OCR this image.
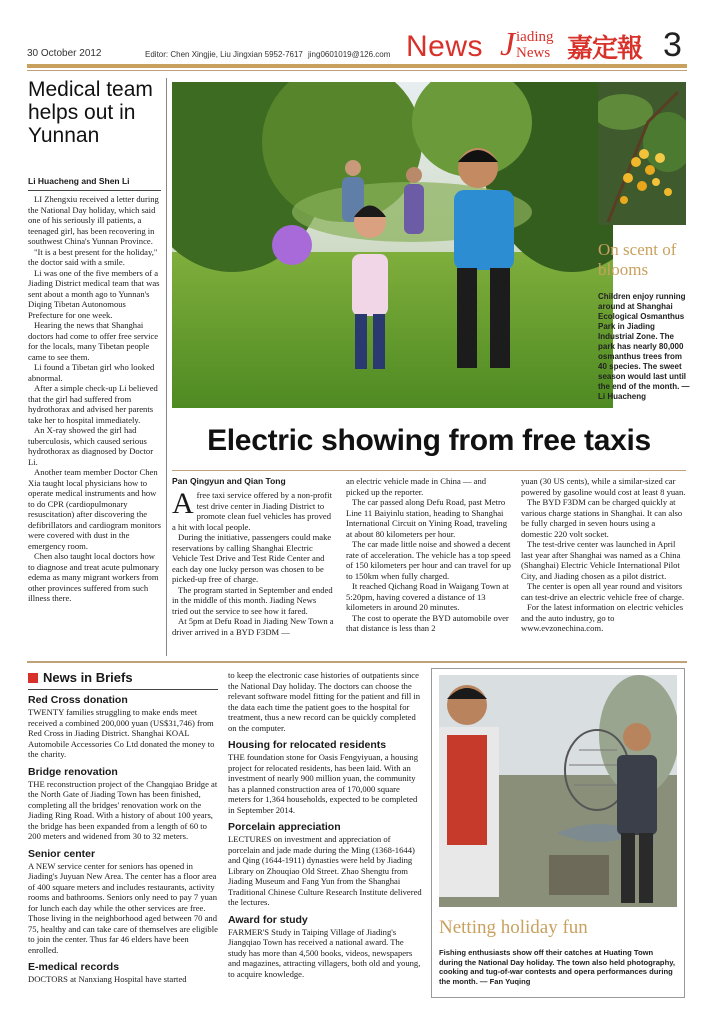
30 October 2012	Editor: Chen Xingjie, Liu Jingxian 5952-7617 jing0601019@126.com News J iading
News 嘉定報 3
Medical team helps out in Yunnan
Li Huacheng and Shen Li

LI Zhengxiu received a letter during the National Day holiday, which said one of his seriously ill patients, a teenaged girl, has been recovering in southwest China's Yunnan Province.

"It is a best present for the holiday," the doctor said with a smile.

Li was one of the five members of a Jiading District medical team that was sent about a month ago to Yunnan's Diqing Tibetan Autonomous Prefecture for one week.

Hearing the news that Shanghai doctors had come to offer free service for the locals, many Tibetan people came to see them.

Li found a Tibetan girl who looked abnormal.

After a simple check-up Li believed that the girl had suffered from hydrothorax and advised her parents take her to hospital immediately.

An X-ray showed the girl had tuberculosis, which caused serious hydrothorax as diagnosed by Doctor Li.

Another team member Doctor Chen Xia taught local physicians how to operate medical instruments and how to do CPR (cardiopulmonary resuscitation) after discovering the defibrillators and cardiogram monitors were covered with dust in the emergency room.

Chen also taught local doctors how to diagnose and treat acute pulmonary edema as many migrant workers from other provinces suffered from such illness there.

On scent of blooms
Children enjoy running around at Shanghai Ecological Osmanthus Park in Jiading Industrial Zone. The park has nearly 80,000 osmanthus trees from 40 species. The sweet season would last until the end of the month. — Li Huacheng
Electric showing from free taxis
Pan Qingyun and Qian Tong
A free taxi service offered by a non-profit test drive center in Jiading District to promote clean fuel vehicles has proved a hit with local people.

During the initiative, passengers could make reservations by calling Shanghai Electric Vehicle Test Drive and Test Ride Center and each day one lucky person was chosen to be picked-up free of charge.

The program started in September and ended in the middle of this month. Jiading News tried out the service to see how it fared.

At 5pm at Defu Road in Jiading New Town a driver arrived in a BYD F3DM —

an electric vehicle made in China — and picked up the reporter.

The car passed along Defu Road, past Metro Line 11 Baiyinlu station, heading to Shanghai International Circuit on Yining Road, traveling at about 80 kilometers per hour.

The car made little noise and showed a decent rate of acceleration. The vehicle has a top speed of 150 kilometers per hour and can travel for up to 150km when fully charged.

It reached Qichang Road in Waigang Town at 5:20pm, having covered a distance of 13 kilometers in around 20 minutes.

The cost to operate the BYD automobile over that distance is less than 2

yuan (30 US cents), while a similar-sized car powered by gasoline would cost at least 8 yuan.

The BYD F3DM can be charged quickly at various charge stations in Shanghai. It can also be fully charged in seven hours using a domestic 220 volt socket.

The test-drive center was launched in April last year after Shanghai was named as a China (Shanghai) Electric Vehicle International Pilot City, and Jiading chosen as a pilot district.

The center is open all year round and visitors can test-drive an electric vehicle free of charge.

For the latest information on electric vehicles and the auto industry, go to www.evzonechina.com.

News in Briefs
Red Cross donation
TWENTY families struggling to make ends meet received a combined 200,000 yuan (US$31,746) from Red Cross in Jiading District. Shanghai KOAL Automobile Accessories Co Ltd donated the money to the charity.
Bridge renovation
THE reconstruction project of the Changqiao Bridge at the North Gate of Jiading Town has been finished, completing all the bridges' renovation work on the Jiading Ring Road. With a history of about 100 years, the bridge has been expanded from a length of 60 to 200 meters and widened from 30 to 32 meters.
Senior center
A NEW service center for seniors has opened in Jiading's Juyuan New Area. The center has a floor area of 400 square meters and includes restaurants, activity rooms and bathrooms. Seniors only need to pay 7 yuan for lunch each day while the other services are free. Those living in the neighborhood aged between 70 and 75, healthy and can take care of themselves are eligible to join the center. Thus far 46 elders have been enrolled.
E-medical records
DOCTORS at Nanxiang Hospital have started
to keep the electronic case histories of outpatients since the National Day holiday. The doctors can choose the relevant software model fitting for the patient and fill in the data each time the patient goes to the hospital for treatment, thus a new record can be quickly completed on the computer.
Housing for relocated residents
THE foundation stone for Oasis Fengyiyuan, a housing project for relocated residents, has been laid. With an investment of nearly 900 million yuan, the community has a planned construction area of 170,000 square meters for 1,364 households, expected to be completed in September 2014.
Porcelain appreciation
LECTURES on investment and appreciation of porcelain and jade made during the Ming (1368-1644) and Qing (1644-1911) dynasties were held by Jiading Library on Zhouqiao Old Street. Zhao Shengtu from Jiading Museum and Fang Yun from the Shanghai Traditional Chinese Culture Research Institute delivered the lectures.
Award for study
FARMER'S Study in Taiping Village of Jiading's Jiangqiao Town has received a national award. The study has more than 4,500 books, videos, newspapers and magazines, attracting villagers, both old and young, to acquire knowledge.
Netting holiday fun
Fishing enthusiasts show off their catches at Huating Town during the National Day holiday. The town also held photography, cooking and tug-of-war contests and opera performances during the month. — Fan Yuqing
